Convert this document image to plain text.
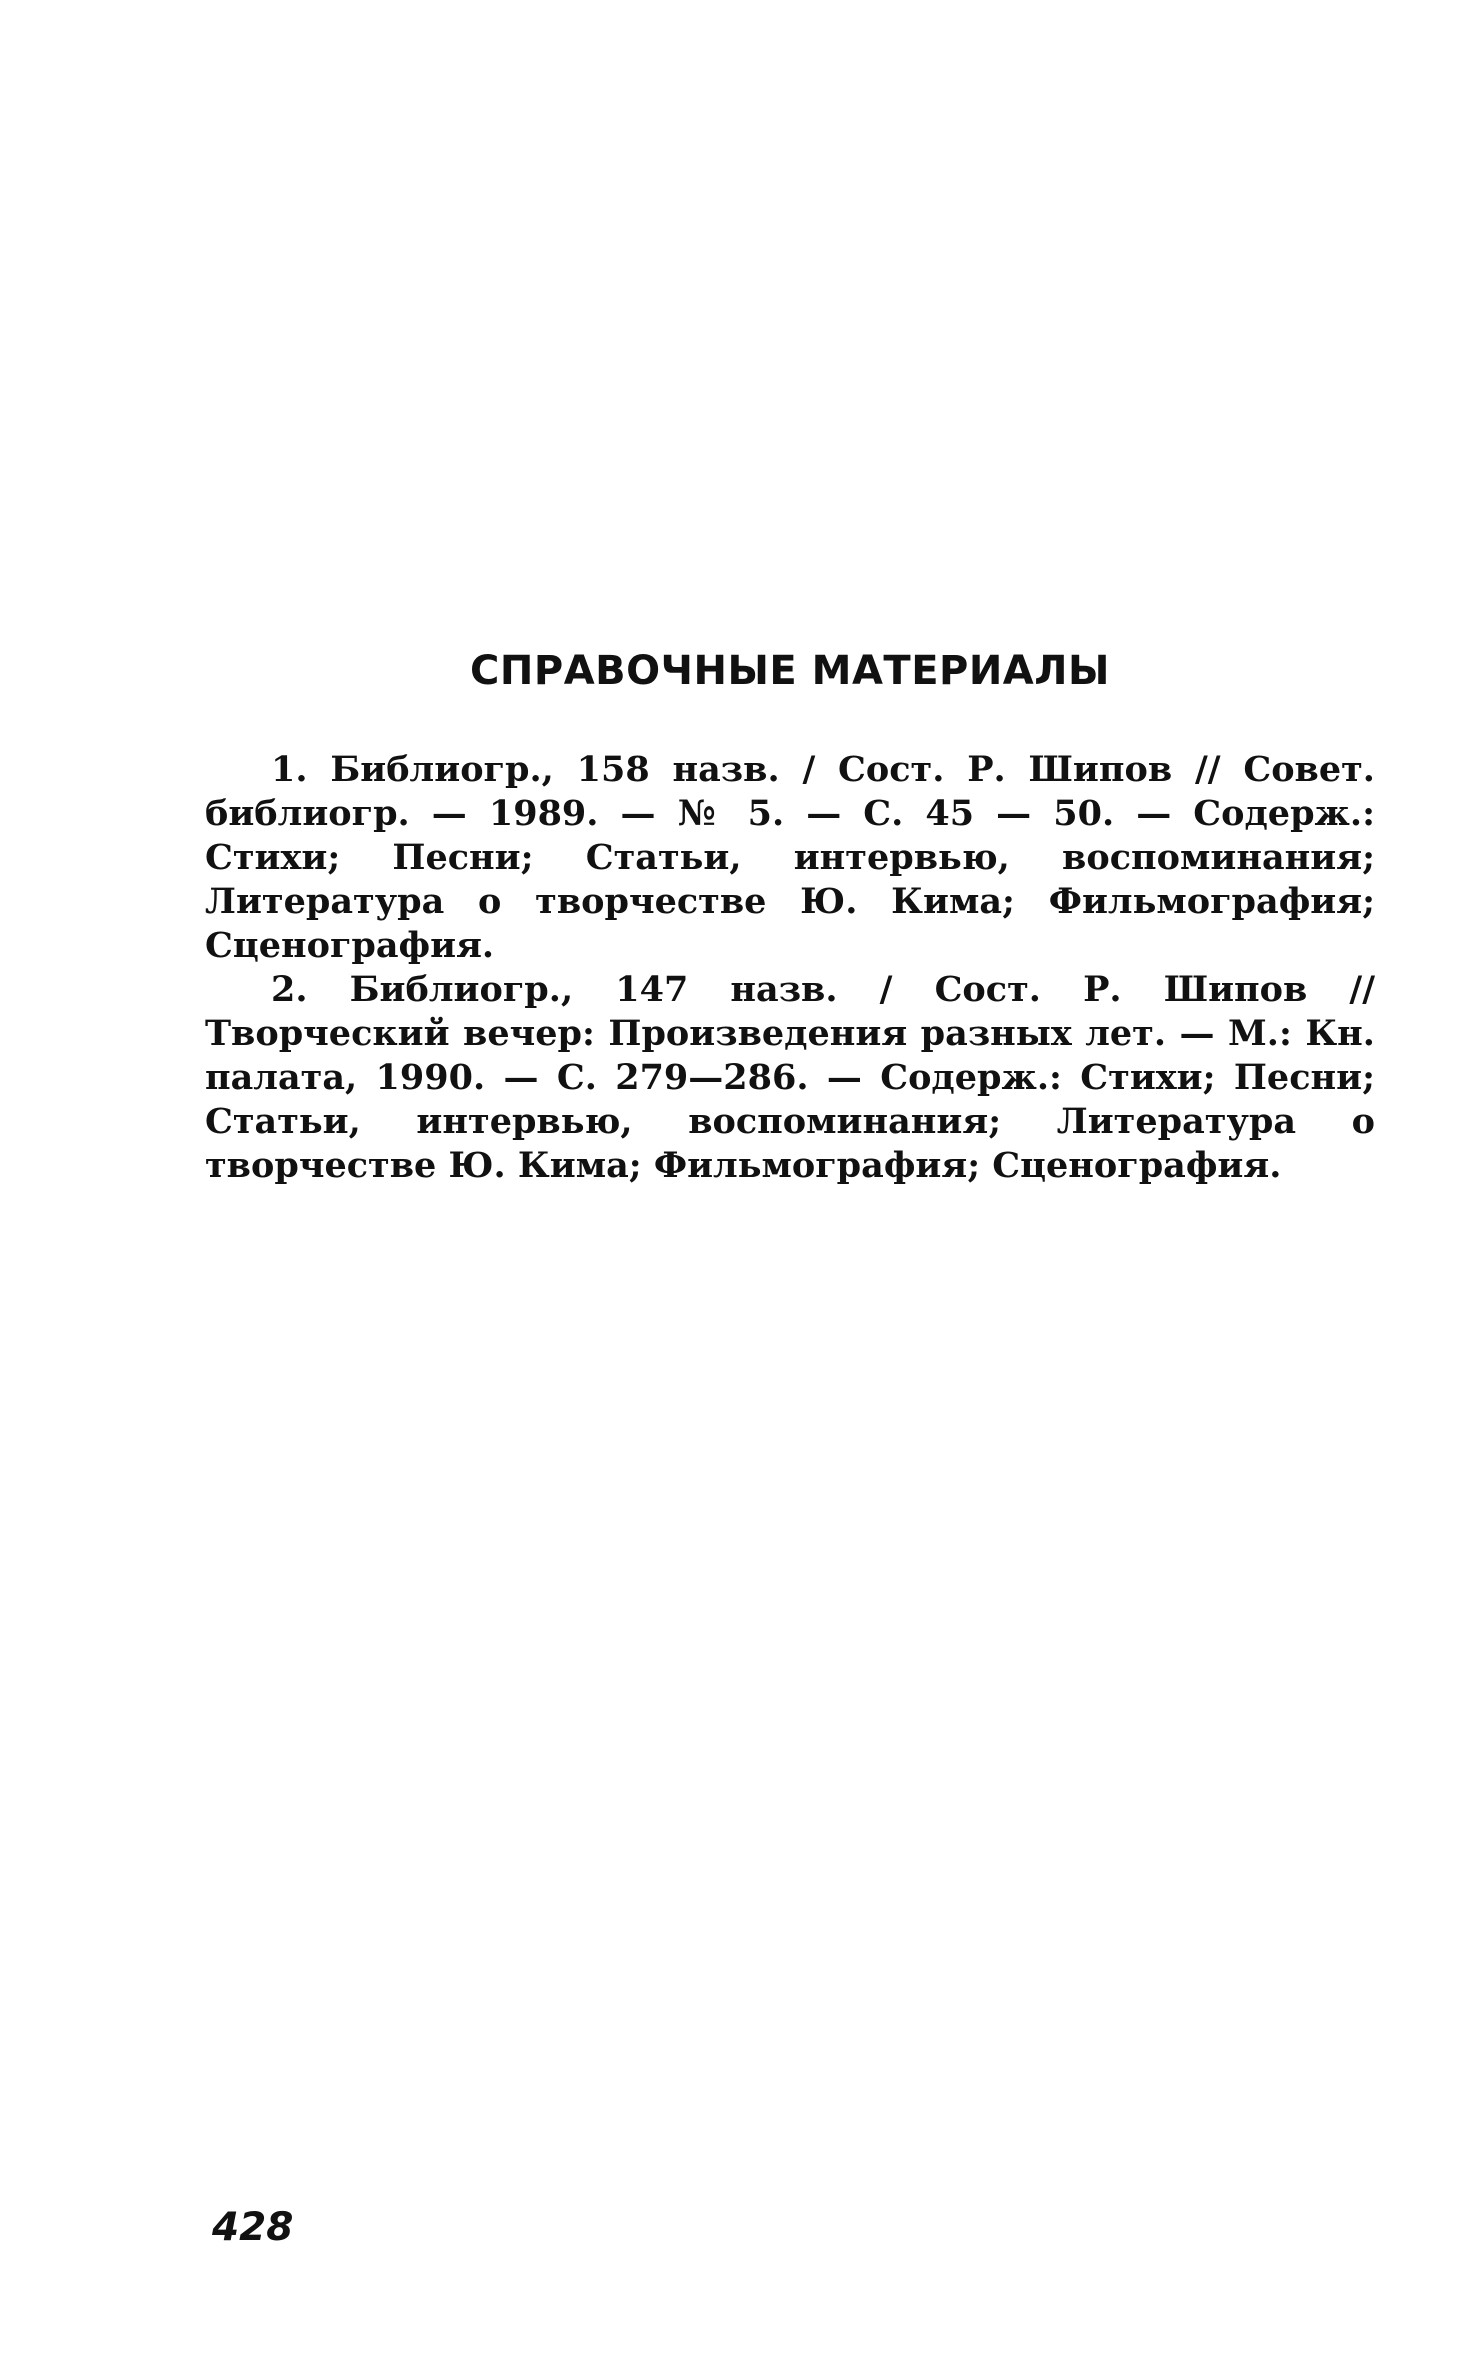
СПРАВОЧНЫЕ МАТЕРИАЛЫ

1. Библиогр., 158 назв. / Сост. Р. Шипов // Совет. библиогр. — 1989. — № 5. — С. 45 — 50. — Содерж.: Стихи; Песни; Статьи, интервью, воспоминания; Литература о творчестве Ю. Кима; Фильмография; Сценография.

2. Библиогр., 147 назв. / Сост. Р. Шипов // Творческий вечер: Произведения разных лет. — М.: Кн. палата, 1990. — С. 279—286. — Содерж.: Стихи; Песни; Статьи, интервью, воспоминания; Литература о творчестве Ю. Кима; Фильмография; Сценография.

428
